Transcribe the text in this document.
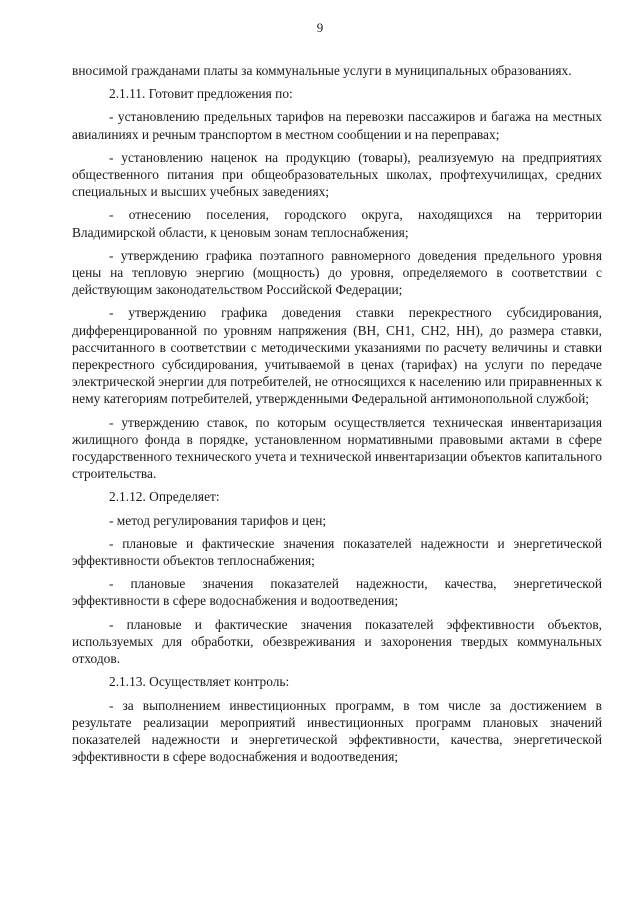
9

вносимой гражданами платы за коммунальные услуги в муниципальных образованиях.

2.1.11. Готовит предложения по:

- установлению предельных тарифов на перевозки пассажиров и багажа на местных авиалиниях и речным транспортом в местном сообщении и на переправах;

- установлению наценок на продукцию (товары), реализуемую на предприятиях общественного питания при общеобразовательных школах, профтехучилищах, средних специальных и высших учебных заведениях;

- отнесению поселения, городского округа, находящихся на территории Владимирской области, к ценовым зонам теплоснабжения;

- утверждению графика поэтапного равномерного доведения предельного уровня цены на тепловую энергию (мощность) до уровня, определяемого в соответствии с действующим законодательством Российской Федерации;

- утверждению графика доведения ставки перекрестного субсидирования, дифференцированной по уровням напряжения (ВН, СН1, СН2, НН), до размера ставки, рассчитанного в соответствии с методическими указаниями по расчету величины и ставки перекрестного субсидирования, учитываемой в ценах (тарифах) на услуги по передаче электрической энергии для потребителей, не относящихся к населению или приравненных к нему категориям потребителей, утвержденными Федеральной антимонопольной службой;

- утверждению ставок, по которым осуществляется техническая инвентаризация жилищного фонда в порядке, установленном нормативными правовыми актами в сфере государственного технического учета и технической инвентаризации объектов капитального строительства.

2.1.12. Определяет:

- метод регулирования тарифов и цен;

- плановые и фактические значения показателей надежности и энергетической эффективности объектов теплоснабжения;

- плановые значения показателей надежности, качества, энергетической эффективности в сфере водоснабжения и водоотведения;

- плановые и фактические значения показателей эффективности объектов, используемых для обработки, обезвреживания и захоронения твердых коммунальных отходов.

2.1.13. Осуществляет контроль:

- за выполнением инвестиционных программ, в том числе за достижением в результате реализации мероприятий инвестиционных программ плановых значений показателей надежности и энергетической эффективности, качества, энергетической эффективности в сфере водоснабжения и водоотведения;
